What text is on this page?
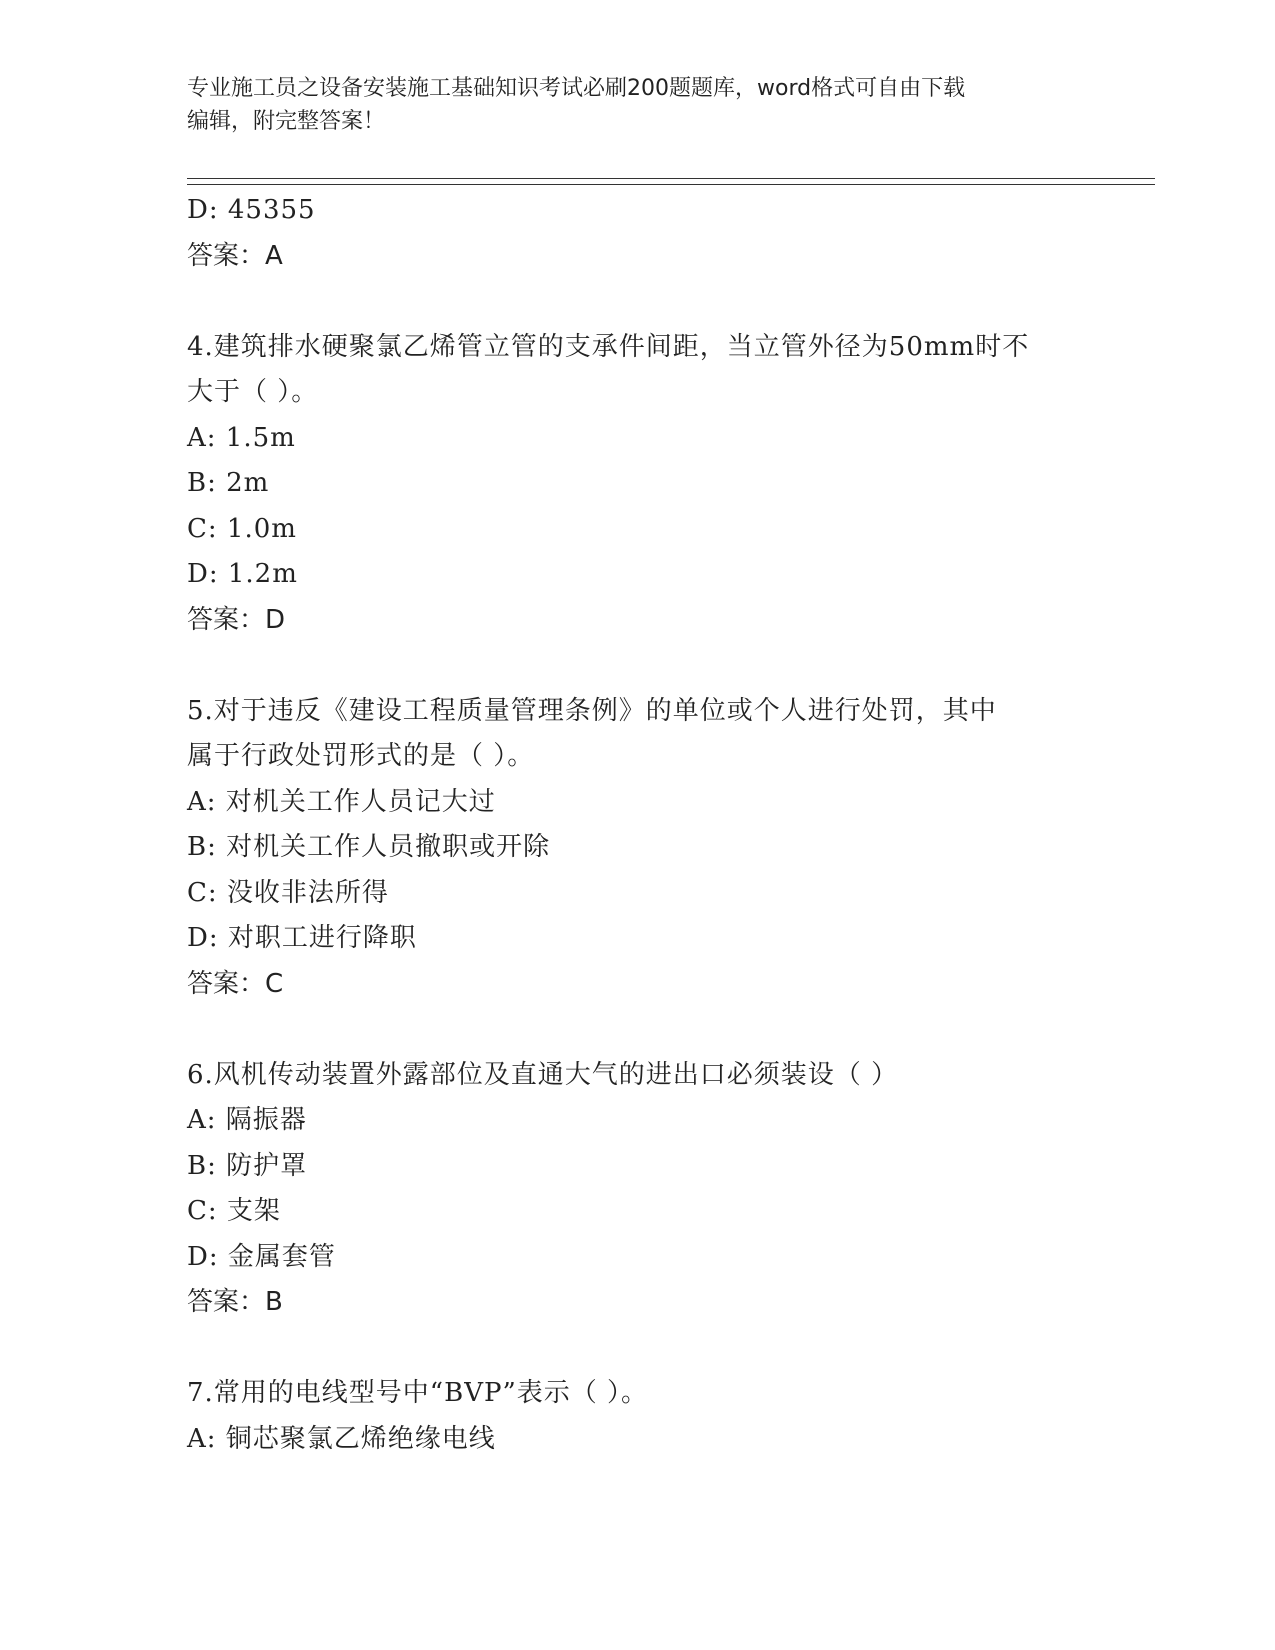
专业施工员之设备安装施工基础知识考试必刷200题题库，word格式可自由下载
编辑，附完整答案！
D: 45355
答案：A
4.建筑排水硬聚氯乙烯管立管的支承件间距，当立管外径为50mm时不
大于（ ）。
A: 1.5m
B: 2m
C: 1.0m
D: 1.2m
答案：D
5.对于违反《建设工程质量管理条例》的单位或个人进行处罚，其中
属于行政处罚形式的是（ ）。
A: 对机关工作人员记大过
B: 对机关工作人员撤职或开除
C: 没收非法所得
D: 对职工进行降职
答案：C
6.风机传动装置外露部位及直通大气的进出口必须装设（ ）
A: 隔振器
B: 防护罩
C: 支架
D: 金属套管
答案：B
7.常用的电线型号中“BVP”表示（ ）。
A: 铜芯聚氯乙烯绝缘电线
